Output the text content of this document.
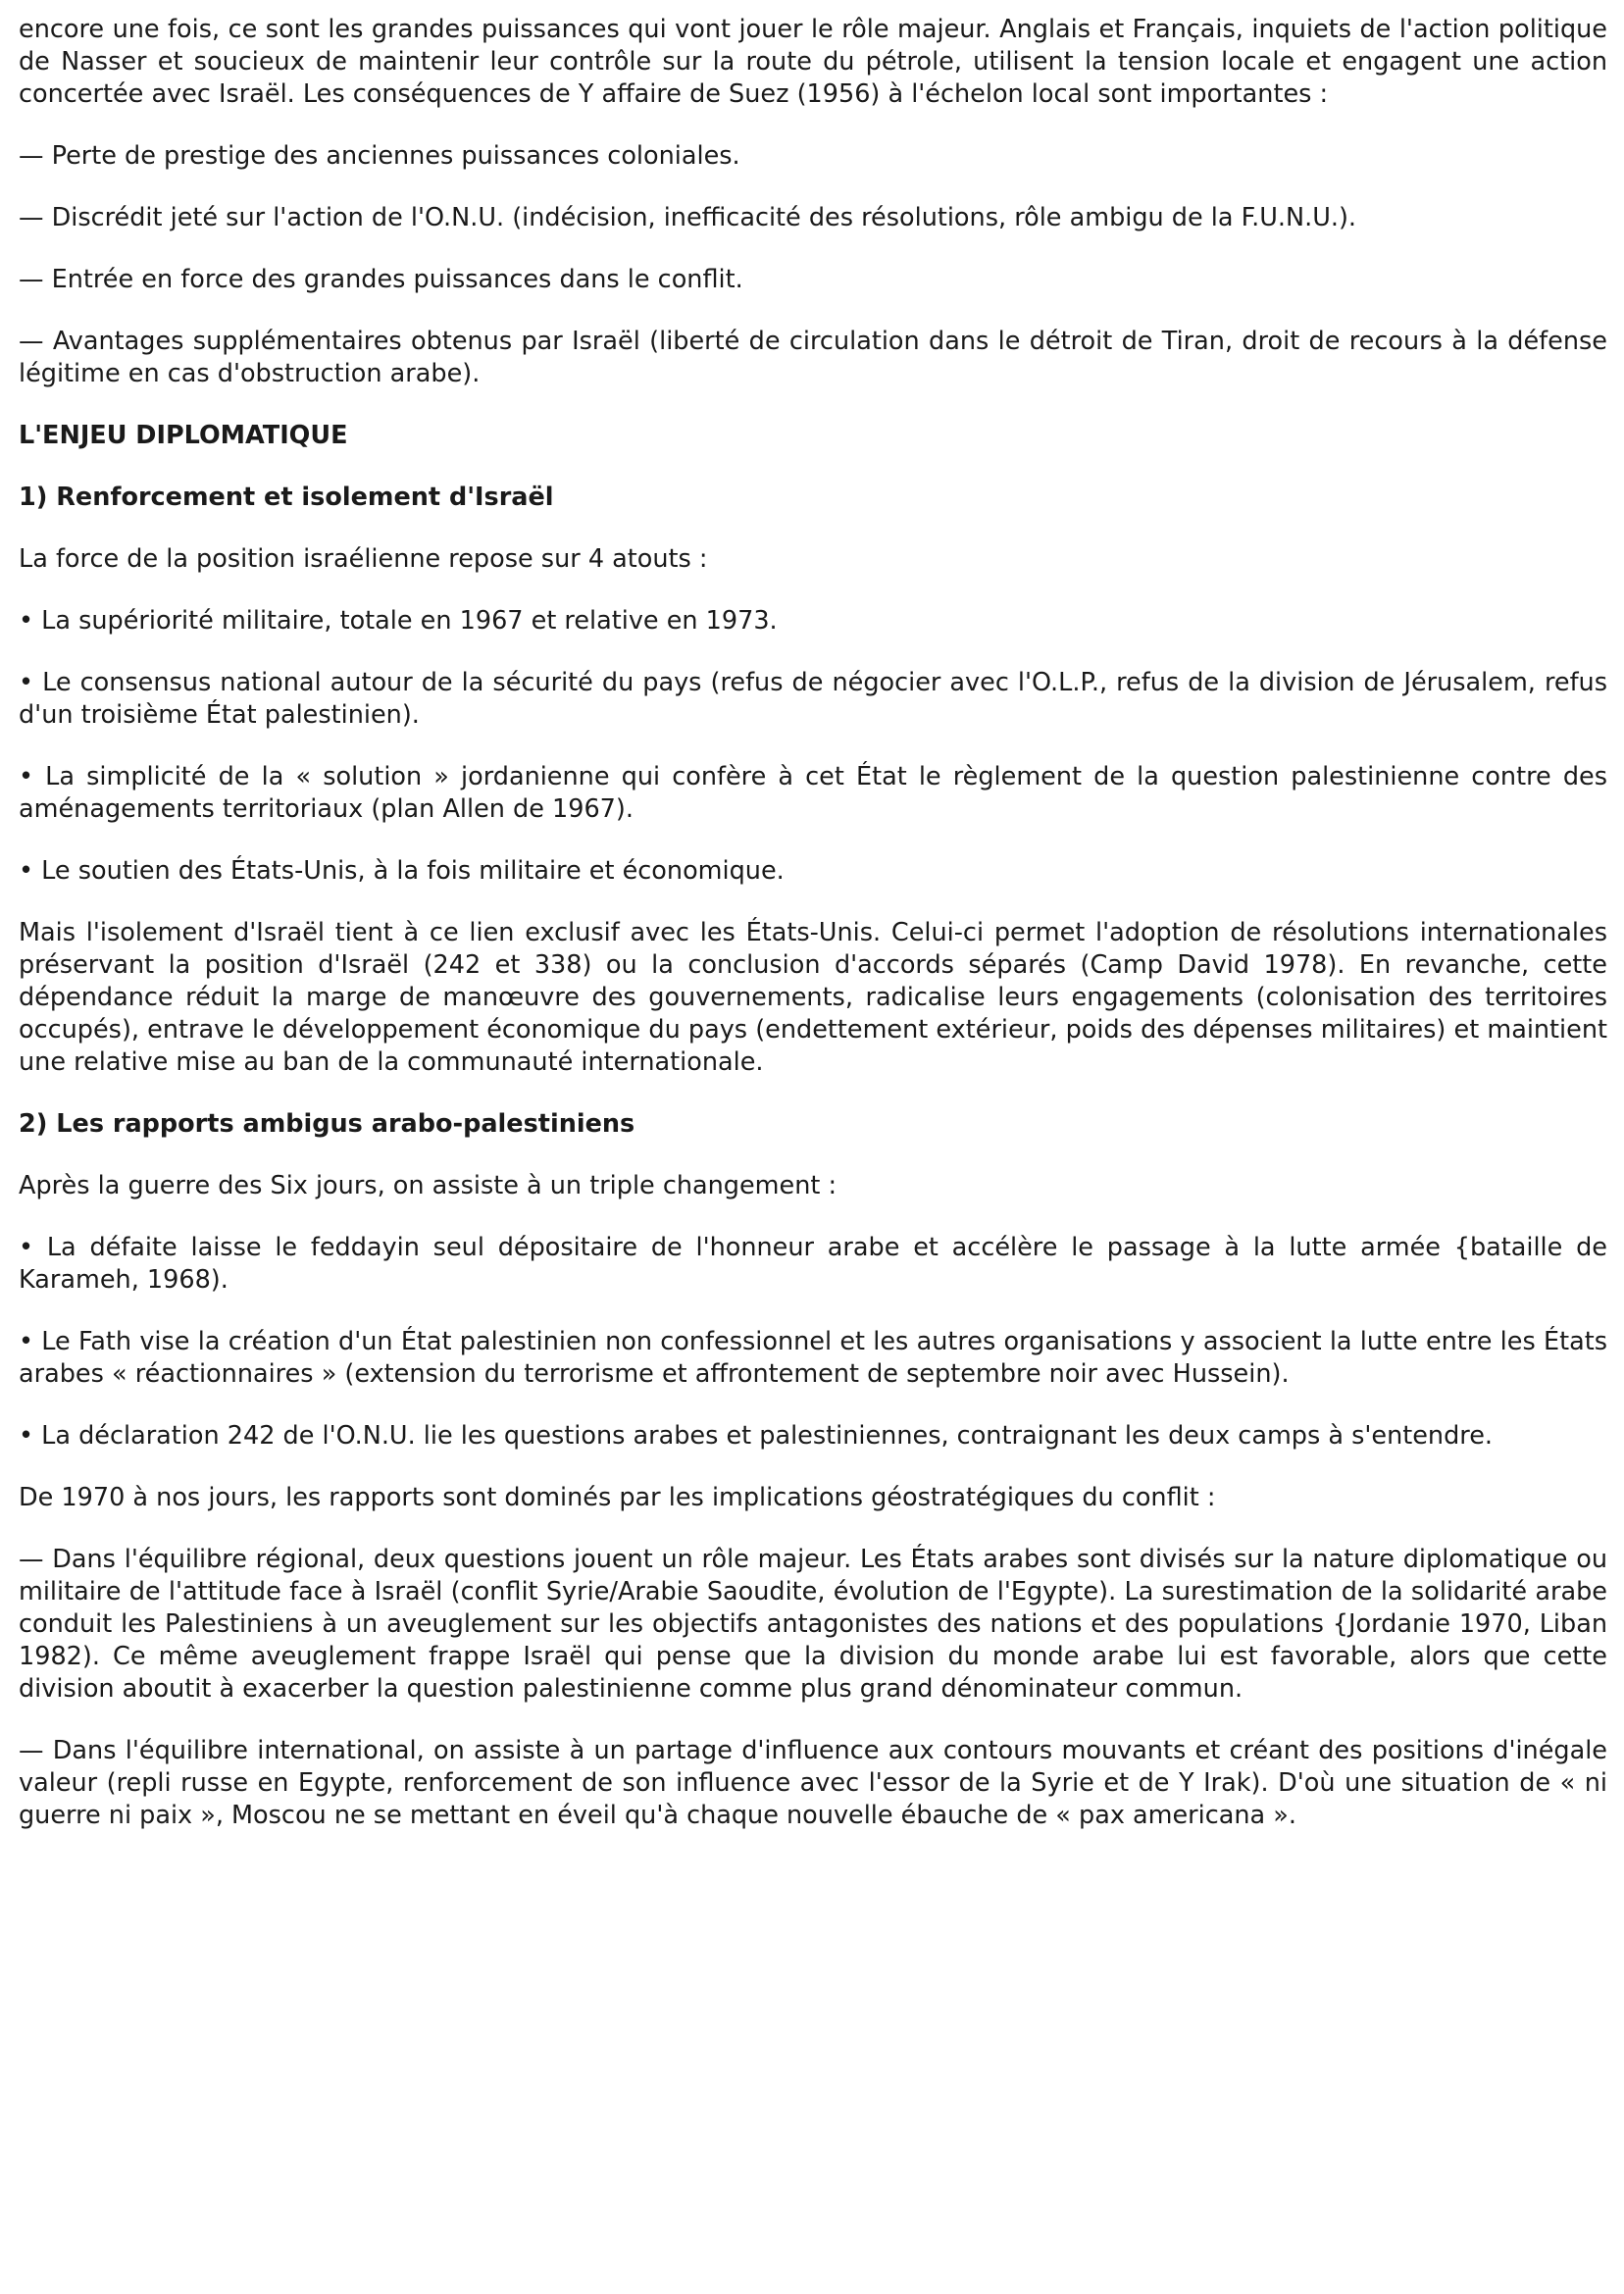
encore une fois, ce sont les grandes puissances qui vont jouer le rôle majeur. Anglais et Français, inquiets de l'action politique de Nasser et soucieux de maintenir leur contrôle sur la route du pétrole, utilisent la tension locale et engagent une action concertée avec Israël. Les conséquences de Y affaire de Suez (1956) à l'échelon local sont importantes :

— Perte de prestige des anciennes puissances coloniales.

— Discrédit jeté sur l'action de l'O.N.U. (indécision, inefficacité des résolutions, rôle ambigu de la F.U.N.U.).

— Entrée en force des grandes puissances dans le conflit.

— Avantages supplémentaires obtenus par Israël (liberté de circulation dans le détroit de Tiran, droit de recours à la défense légitime en cas d'obstruction arabe).

L'ENJEU DIPLOMATIQUE
1) Renforcement et isolement d'Israël

La force de la position israélienne repose sur 4 atouts :

• La supériorité militaire, totale en 1967 et relative en 1973.

• Le consensus national autour de la sécurité du pays (refus de négocier avec l'O.L.P., refus de la division de Jérusalem, refus d'un troisième État palestinien).

• La simplicité de la « solution » jordanienne qui confère à cet État le règlement de la question palestinienne contre des aménagements territoriaux (plan Allen de 1967).

• Le soutien des États-Unis, à la fois militaire et économique.

Mais l'isolement d'Israël tient à ce lien exclusif avec les États-Unis. Celui-ci permet l'adoption de résolutions internationales préservant la position d'Israël (242 et 338) ou la conclusion d'accords séparés (Camp David 1978). En revanche, cette dépendance réduit la marge de manœuvre des gouvernements, radicalise leurs engagements (colonisation des territoires occupés), entrave le développement économique du pays (endettement extérieur, poids des dépenses militaires) et maintient une relative mise au ban de la communauté internationale.

2) Les rapports ambigus arabo-palestiniens

Après la guerre des Six jours, on assiste à un triple changement :

• La défaite laisse le feddayin seul dépositaire de l'honneur arabe et accélère le passage à la lutte armée {bataille de Karameh, 1968).

• Le Fath vise la création d'un État palestinien non confessionnel et les autres organisations y associent la lutte entre les États arabes « réactionnaires » (extension du terrorisme et affrontement de septembre noir avec Hussein).

• La déclaration 242 de l'O.N.U. lie les questions arabes et palestiniennes, contraignant les deux camps à s'entendre.

De 1970 à nos jours, les rapports sont dominés par les implications géostratégiques du conflit :

— Dans l'équilibre régional, deux questions jouent un rôle majeur. Les États arabes sont divisés sur la nature diplomatique ou militaire de l'attitude face à Israël (conflit Syrie/Arabie Saoudite, évolution de l'Egypte). La surestimation de la solidarité arabe conduit les Palestiniens à un aveuglement sur les objectifs antagonistes des nations et des populations {Jordanie 1970, Liban 1982). Ce même aveuglement frappe Israël qui pense que la division du monde arabe lui est favorable, alors que cette division aboutit à exacerber la question palestinienne comme plus grand dénominateur commun.

— Dans l'équilibre international, on assiste à un partage d'influence aux contours mouvants et créant des positions d'inégale valeur (repli russe en Egypte, renforcement de son influence avec l'essor de la Syrie et de Y Irak). D'où une situation de « ni guerre ni paix », Moscou ne se mettant en éveil qu'à chaque nouvelle ébauche de « pax americana ».
